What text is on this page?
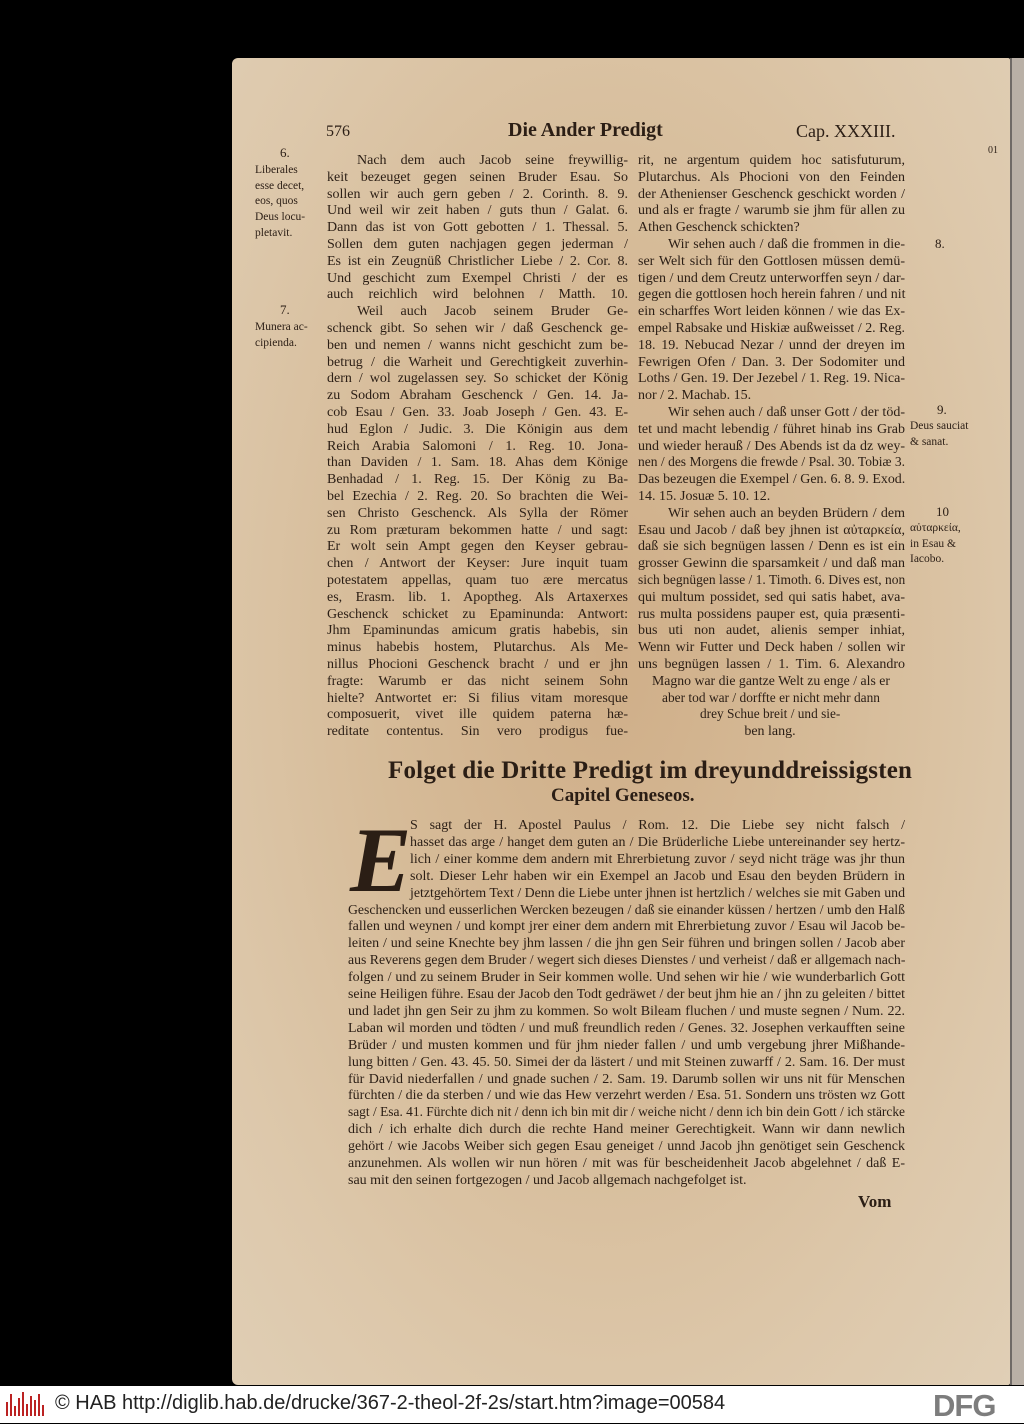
576	Die Ander Predigt	Cap. XXXIII.
6.
Liberales
esse decet,
eos, quos
Deus locu-
pletavit.
7.
Munera ac-
cipienda.
01
8.
9.
Deus sauciat
& sanat.
10
αὐταρκεία,
in Esau &
Iacobo.
Nach dem auch Jacob seine freywillig-
keit bezeuget gegen seinen Bruder Esau. So
sollen wir auch gern geben / 2. Corinth. 8. 9.
Und weil wir zeit haben / guts thun / Galat. 6.
Dann das ist von Gott gebotten / 1. Thessal. 5.
Sollen dem guten nachjagen gegen jederman /
Es ist ein Zeugnüß Christlicher Liebe / 2. Cor. 8.
Und geschicht zum Exempel Christi / der es
auch reichlich wird belohnen / Matth. 10.
Weil auch Jacob seinem Bruder Ge-
schenck gibt. So sehen wir / daß Geschenck ge-
ben und nemen / wanns nicht geschicht zum be-
betrug / die Warheit und Gerechtigkeit zuverhin-
dern / wol zugelassen sey. So schicket der König
zu Sodom Abraham Geschenck / Gen. 14. Ja-
cob Esau / Gen. 33. Joab Joseph / Gen. 43. E-
hud Eglon / Judic. 3. Die Königin aus dem
Reich Arabia Salomoni / 1. Reg. 10. Jona-
than Daviden / 1. Sam. 18. Ahas dem Könige
Benhadad / 1. Reg. 15. Der König zu Ba-
bel Ezechia / 2. Reg. 20. So brachten die Wei-
sen Christo Geschenck. Als Sylla der Römer
zu Rom præturam bekommen hatte / und sagt:
Er wolt sein Ampt gegen den Keyser gebrau-
chen / Antwort der Keyser: Jure inquit tuam
potestatem appellas, quam tuo ære mercatus
es, Erasm. lib. 1. Apoptheg. Als Artaxerxes
Geschenck schicket zu Epaminunda: Antwort:
Jhm Epaminundas amicum gratis habebis, sin
minus habebis hostem, Plutarchus. Als Me-
nillus Phocioni Geschenck bracht / und er jhn
fragte: Warumb er das nicht seinem Sohn
hielte? Antwortet er: Si filius vitam moresque
composuerit, vivet ille quidem paterna hæ-
reditate contentus. Sin vero prodigus fue-
rit, ne argentum quidem hoc satisfuturum,
Plutarchus. Als Phocioni von den Feinden
der Athenienser Geschenck geschickt worden /
und als er fragte / warumb sie jhm für allen zu
Athen Geschenck schickten?
Wir sehen auch / daß die frommen in die-
ser Welt sich für den Gottlosen müssen demü-
tigen / und dem Creutz unterworffen seyn / dar-
gegen die gottlosen hoch herein fahren / und nit
ein scharffes Wort leiden können / wie das Ex-
empel Rabsake und Hiskiæ außweisset / 2. Reg.
18. 19. Nebucad Nezar / unnd der dreyen im
Fewrigen Ofen / Dan. 3. Der Sodomiter und
Loths / Gen. 19. Der Jezebel / 1. Reg. 19. Nica-
nor / 2. Machab. 15.
Wir sehen auch / daß unser Gott / der töd-
tet und macht lebendig / führet hinab ins Grab
und wieder herauß / Des Abends ist da dz wey-
nen / des Morgens die frewde / Psal. 30. Tobiæ 3.
Das bezeugen die Exempel / Gen. 6. 8. 9. Exod.
14. 15. Josuæ 5. 10. 12.
Wir sehen auch an beyden Brüdern / dem
Esau und Jacob / daß bey jhnen ist αὐταρκεία,
daß sie sich begnügen lassen / Denn es ist ein
grosser Gewinn die sparsamkeit / und daß man
sich begnügen lasse / 1. Timoth. 6. Dives est, non
qui multum possidet, sed qui satis habet, ava-
rus multa possidens pauper est, quia præsenti-
bus uti non audet, alienis semper inhiat,
Wenn wir Futter und Deck haben / sollen wir
uns begnügen lassen / 1. Tim. 6. Alexandro
Magno war die gantze Welt zu enge / als er
aber tod war / dorffte er nicht mehr dann
drey Schue breit / und sie-
ben lang.
Folget die Dritte Predigt im dreyunddreissigsten
Capitel Geneseos.
E
S sagt der H. Apostel Paulus / Rom. 12. Die Liebe sey nicht falsch /
hasset das arge / hanget dem guten an / Die Brüderliche Liebe untereinander sey hertz-
lich / einer komme dem andern mit Ehrerbietung zuvor / seyd nicht träge was jhr thun
solt. Dieser Lehr haben wir ein Exempel an Jacob und Esau den beyden Brüdern in
jetztgehörtem Text / Denn die Liebe unter jhnen ist hertzlich / welches sie mit Gaben und
Geschencken und eusserlichen Wercken bezeugen / daß sie einander küssen / hertzen / umb den Halß
fallen und weynen / und kompt jrer einer dem andern mit Ehrerbietung zuvor / Esau wil Jacob be-
leiten / und seine Knechte bey jhm lassen / die jhn gen Seir führen und bringen sollen / Jacob aber
aus Reverens gegen dem Bruder / wegert sich dieses Dienstes / und verheist / daß er allgemach nach-
folgen / und zu seinem Bruder in Seir kommen wolle. Und sehen wir hie / wie wunderbarlich Gott
seine Heiligen führe. Esau der Jacob den Todt gedräwet / der beut jhm hie an / jhn zu geleiten / bittet
und ladet jhn gen Seir zu jhm zu kommen. So wolt Bileam fluchen / und muste segnen / Num. 22.
Laban wil morden und tödten / und muß freundlich reden / Genes. 32. Josephen verkaufften seine
Brüder / und musten kommen und für jhm nieder fallen / und umb vergebung jhrer Mißhande-
lung bitten / Gen. 43. 45. 50. Simei der da lästert / und mit Steinen zuwarff / 2. Sam. 16. Der must
für David niederfallen / und gnade suchen / 2. Sam. 19. Darumb sollen wir uns nit für Menschen
fürchten / die da sterben / und wie das Hew verzehrt werden / Esa. 51. Sondern uns trösten wz Gott
sagt / Esa. 41. Fürchte dich nit / denn ich bin mit dir / weiche nicht / denn ich bin dein Gott / ich stärcke
dich / ich erhalte dich durch die rechte Hand meiner Gerechtigkeit. Wann wir dann newlich
gehört / wie Jacobs Weiber sich gegen Esau geneiget / unnd Jacob jhn genötiget sein Geschenck
anzunehmen. Als wollen wir nun hören / mit was für bescheidenheit Jacob abgelehnet / daß E-
sau mit den seinen fortgezogen / und Jacob allgemach nachgefolget ist.
Vom
© HAB http://diglib.hab.de/drucke/367-2-theol-2f-2s/start.htm?image=00584	DFG
